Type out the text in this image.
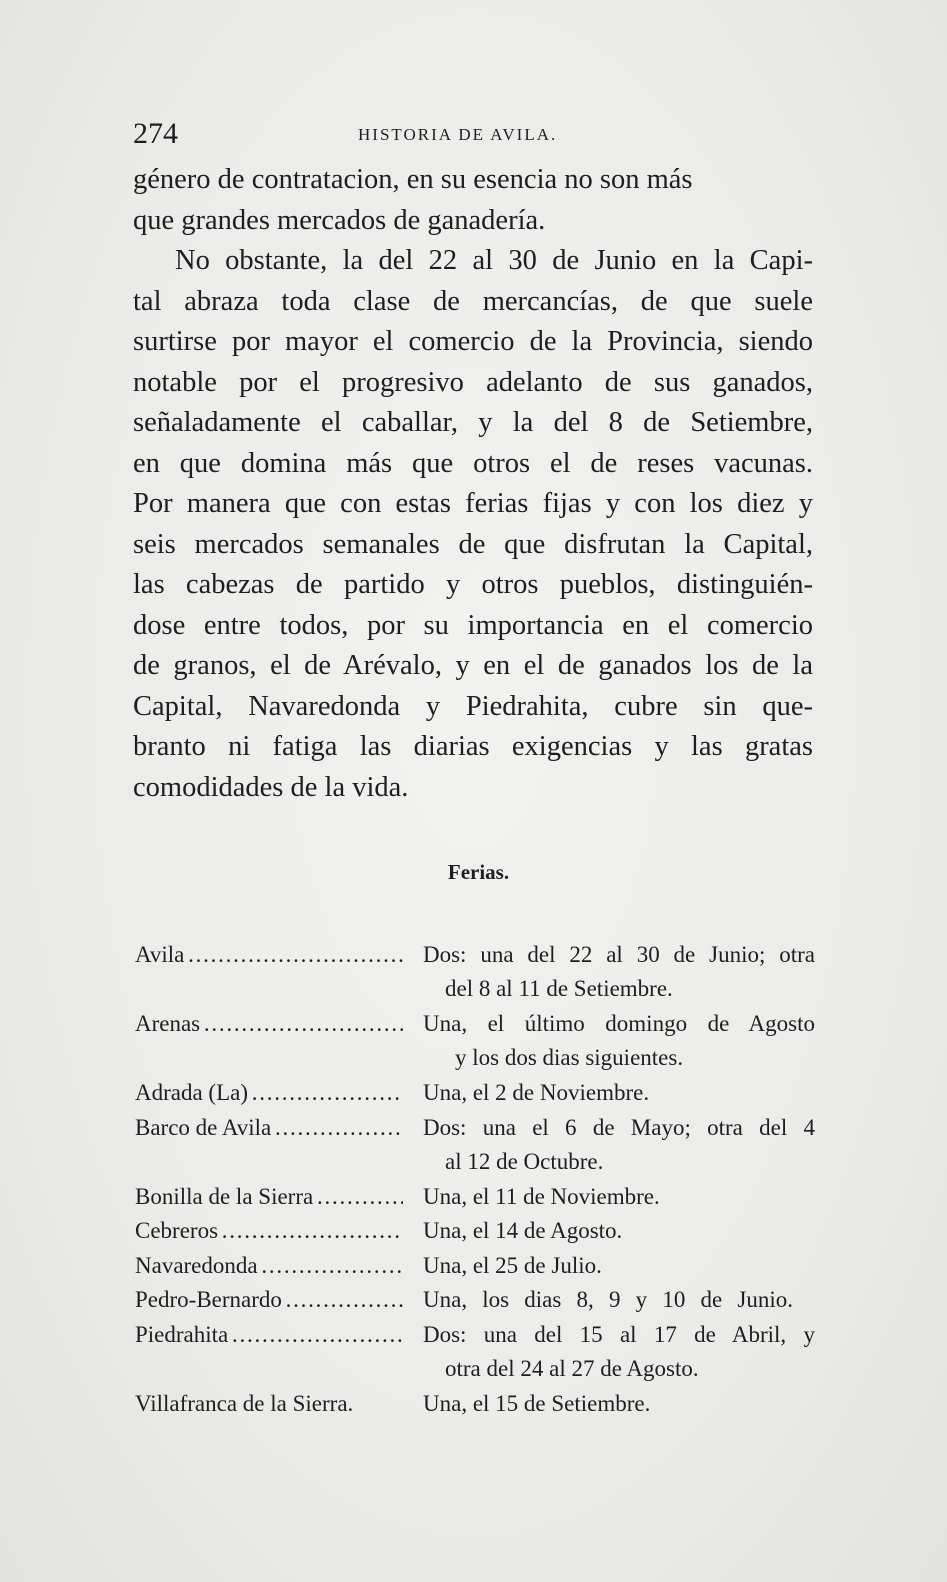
274	HISTORIA DE AVILA.
género de contratacion, en su esencia no son más
que grandes mercados de ganadería.
No obstante, la del 22 al 30 de Junio en la Capi-
tal abraza toda clase de mercancías, de que suele
surtirse por mayor el comercio de la Provincia, siendo
notable por el progresivo adelanto de sus ganados,
señaladamente el caballar, y la del 8 de Setiembre,
en que domina más que otros el de reses vacunas.
Por manera que con estas ferias fijas y con los diez y
seis mercados semanales de que disfrutan la Capital,
las cabezas de partido y otros pueblos, distinguién-
dose entre todos, por su importancia en el comercio
de granos, el de Arévalo, y en el de ganados los de la
Capital, Navaredonda y Piedrahita, cubre sin que-
branto ni fatiga las diarias exigencias y las gratas
comodidades de la vida.
Ferias.
Avila . . .	Dos: una del 22 al 30 de Junio; otra
del 8 al 11 de Setiembre.
Arenas . . .	Una, el último domingo de Agosto
y los dos dias siguientes.
Adrada (La) . . .	Una, el 2 de Noviembre.
Barco de Avila . . .	Dos: una el 6 de Mayo; otra del 4
al 12 de Octubre.
Bonilla de la Sierra . . .	Una, el 11 de Noviembre.
Cebreros . . .	Una, el 14 de Agosto.
Navaredonda . . .	Una, el 25 de Julio.
Pedro-Bernardo . . .	Una, los dias 8, 9 y 10 de Junio.
Piedrahita . . .	Dos: una del 15 al 17 de Abril, y
otra del 24 al 27 de Agosto.
Villafranca de la Sierra.	Una, el 15 de Setiembre.
